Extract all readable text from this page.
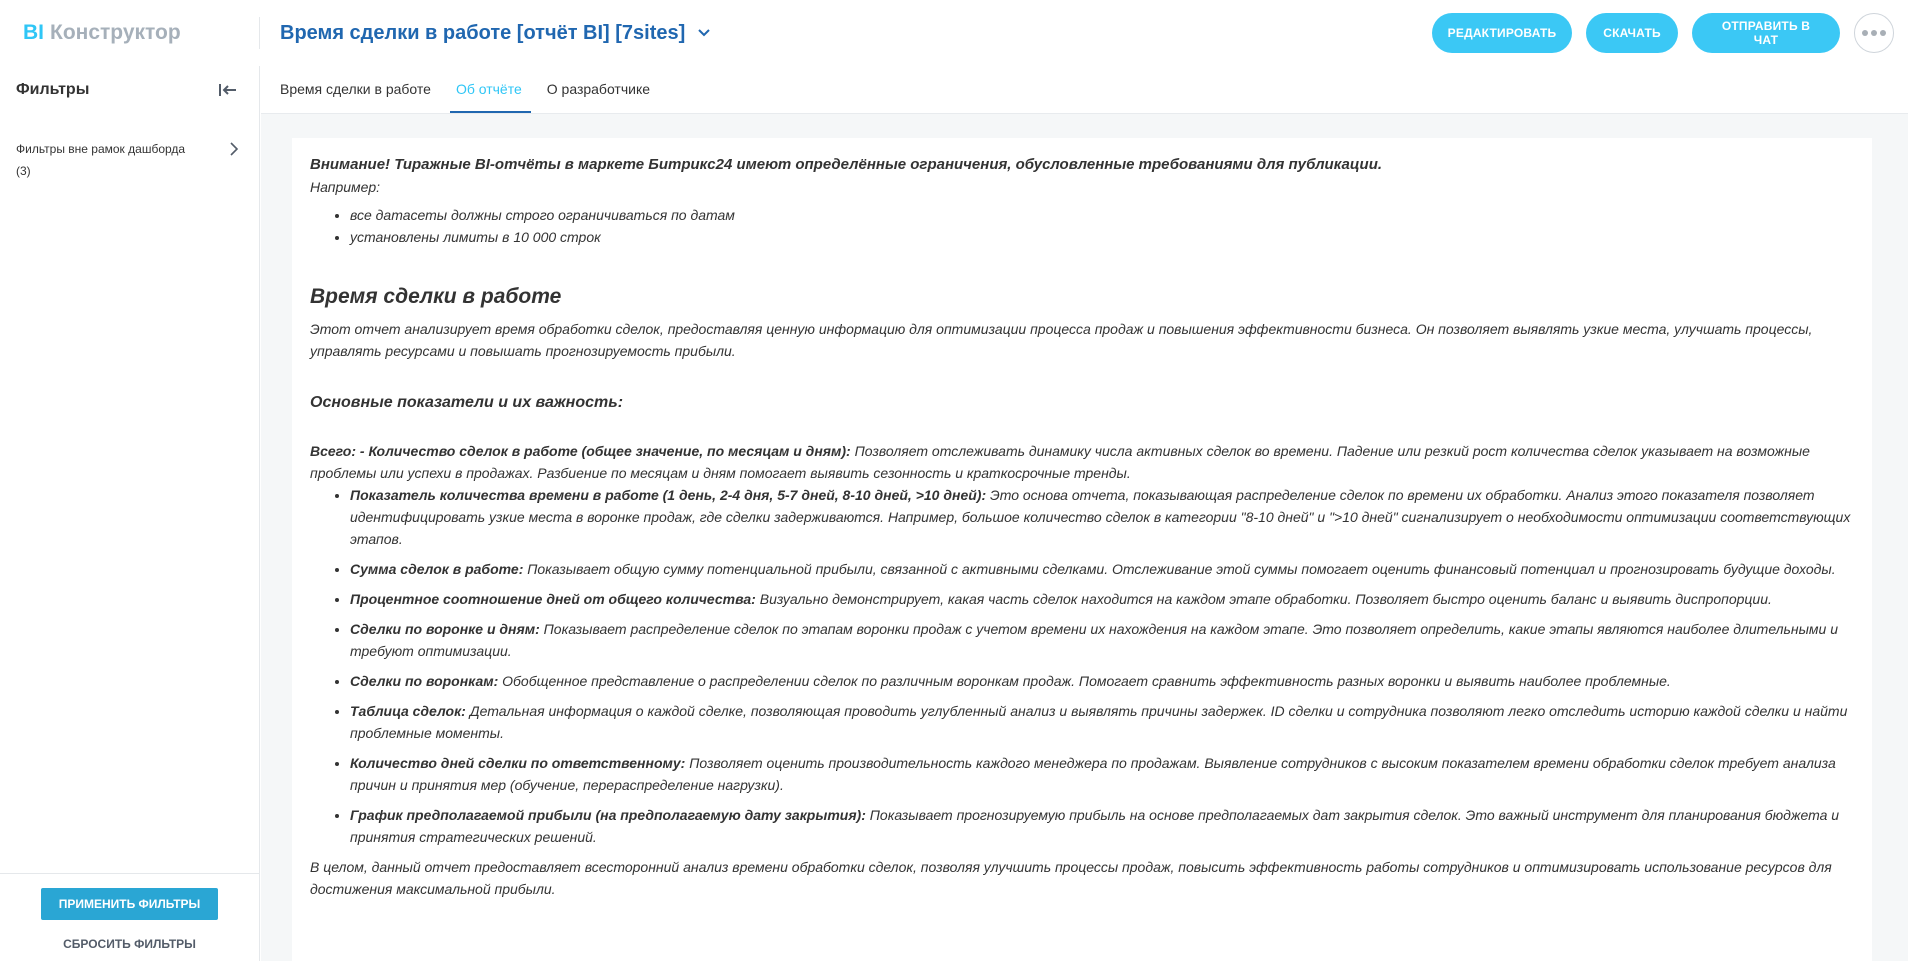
BI Конструктор	Время сделки в работе [отчёт BI] [7sites]	РЕДАКТИРОВАТЬ	СКАЧАТЬ	ОТПРАВИТЬ В ЧАТ
Фильтры
Фильтры вне рамок дашборда (3)
ПРИМЕНИТЬ ФИЛЬТРЫ
СБРОСИТЬ ФИЛЬТРЫ
Время сделки в работе Об отчёте О разработчике

Внимание! Тиражные BI-отчёты в маркете Битрикс24 имеют определённые ограничения, обусловленные требованиями для публикации.

Например:

• все датасеты должны строго ограничиваться по датам
• установлены лимиты в 10 000 строк
Время сделки в работе

Этот отчет анализирует время обработки сделок, предоставляя ценную информацию для оптимизации процесса продаж и повышения эффективности бизнеса. Он позволяет выявлять узкие места, улучшать процессы, управлять ресурсами и повышать прогнозируемость прибыли.

Основные показатели и их важность:

Всего: - Количество сделок в работе (общее значение, по месяцам и дням): Позволяет отслеживать динамику числа активных сделок во времени. Падение или резкий рост количества сделок указывает на возможные проблемы или успехи в продажах. Разбиение по месяцам и дням помогает выявить сезонность и краткосрочные тренды.

• Показатель количества времени в работе (1 день, 2-4 дня, 5-7 дней, 8-10 дней, >10 дней): Это основа отчета, показывающая распределение сделок по времени их обработки. Анализ этого показателя позволяет идентифицировать узкие места в воронке продаж, где сделки задерживаются. Например, большое количество сделок в категории "8-10 дней" и ">10 дней" сигнализирует о необходимости оптимизации соответствующих этапов.
• Сумма сделок в работе: Показывает общую сумму потенциальной прибыли, связанной с активными сделками. Отслеживание этой суммы помогает оценить финансовый потенциал и прогнозировать будущие доходы.
• Процентное соотношение дней от общего количества: Визуально демонстрирует, какая часть сделок находится на каждом этапе обработки. Позволяет быстро оценить баланс и выявить диспропорции.
• Сделки по воронке и дням: Показывает распределение сделок по этапам воронки продаж с учетом времени их нахождения на каждом этапе. Это позволяет определить, какие этапы являются наиболее длительными и требуют оптимизации.
• Сделки по воронкам: Обобщенное представление о распределении сделок по различным воронкам продаж. Помогает сравнить эффективность разных воронки и выявить наиболее проблемные.
• Таблица сделок: Детальная информация о каждой сделке, позволяющая проводить углубленный анализ и выявлять причины задержек. ID сделки и сотрудника позволяют легко отследить историю каждой сделки и найти проблемные моменты.
• Количество дней сделки по ответственному: Позволяет оценить производительность каждого менеджера по продажам. Выявление сотрудников с высоким показателем времени обработки сделок требует анализа причин и принятия мер (обучение, перераспределение нагрузки).
• График предполагаемой прибыли (на предполагаемую дату закрытия): Показывает прогнозируемую прибыль на основе предполагаемых дат закрытия сделок. Это важный инструмент для планирования бюджета и принятия стратегических решений.

В целом, данный отчет предоставляет всесторонний анализ времени обработки сделок, позволяя улучшить процессы продаж, повысить эффективность работы сотрудников и оптимизировать использование ресурсов для достижения максимальной прибыли.
